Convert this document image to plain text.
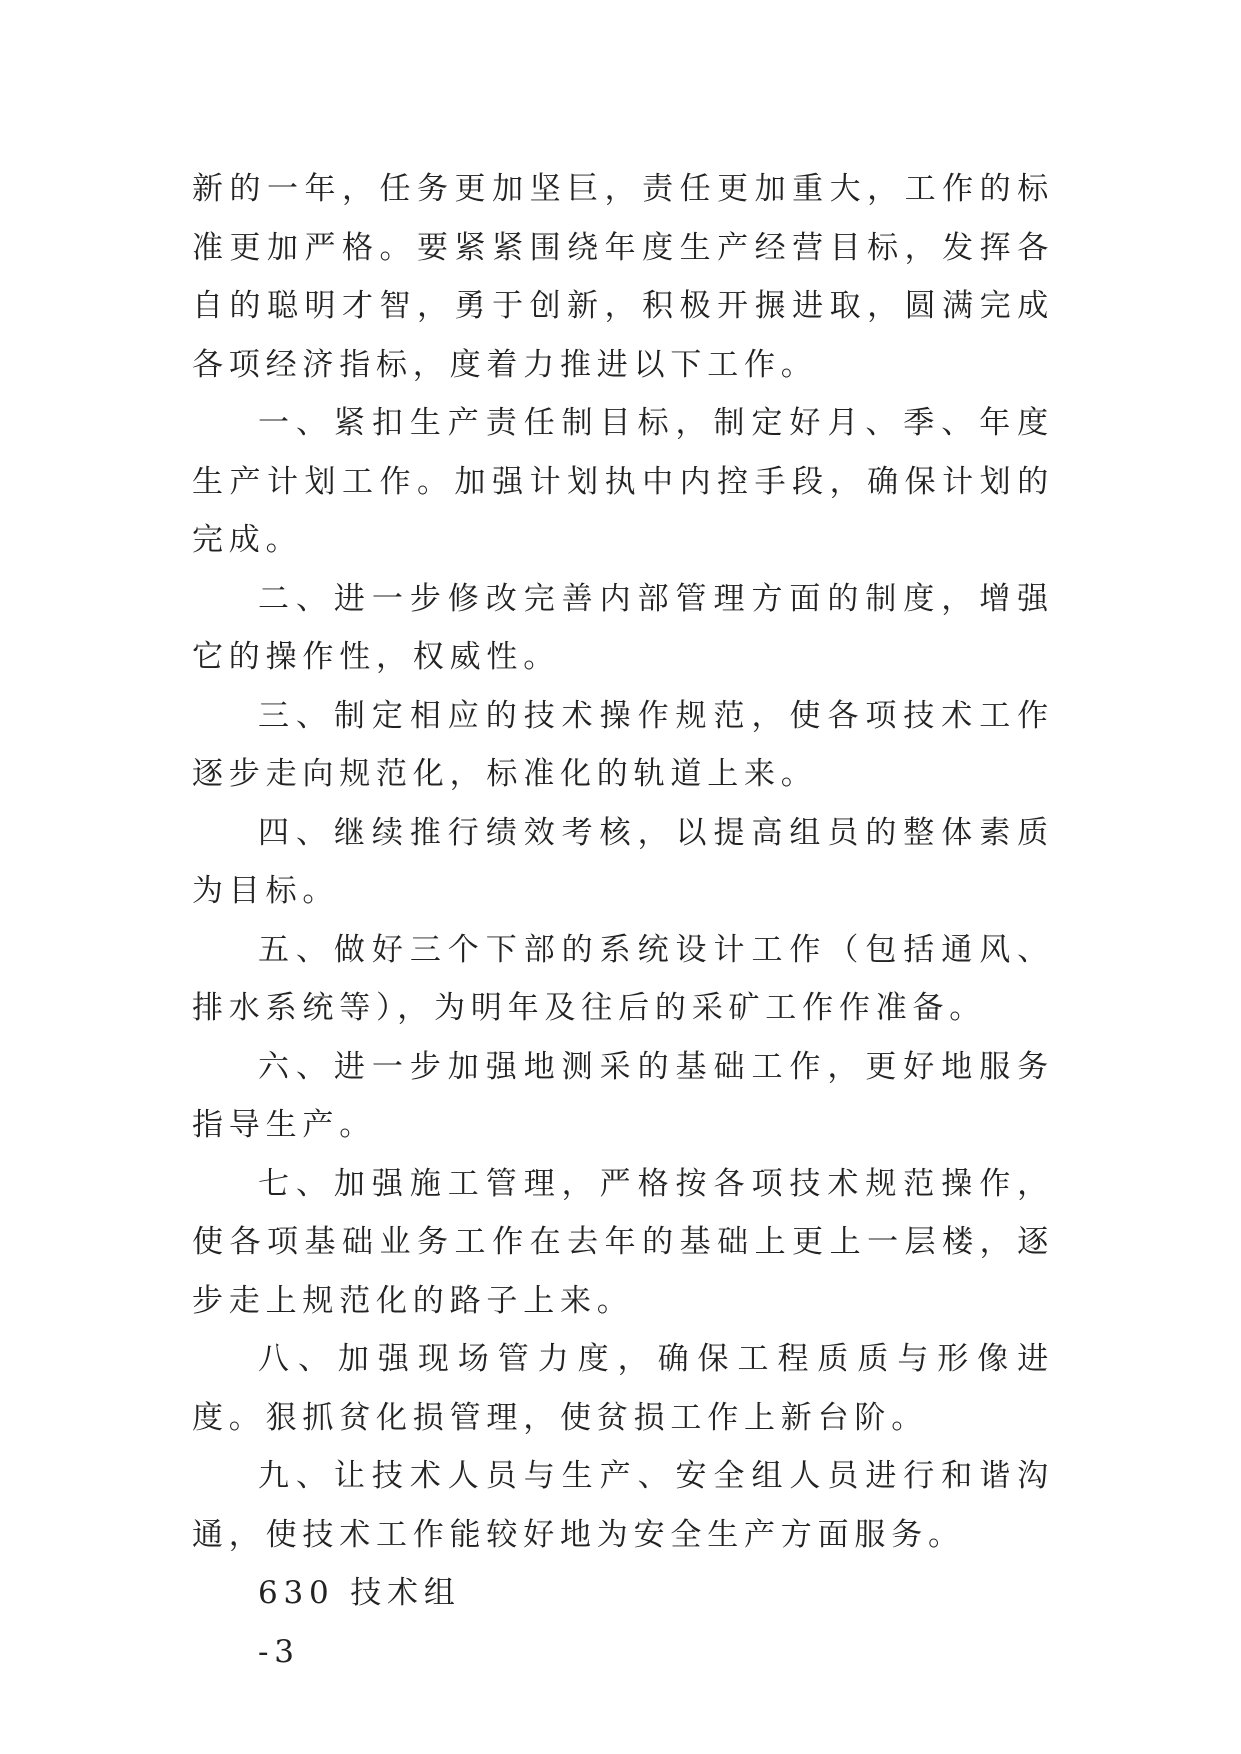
新的一年，任务更加坚巨，责任更加重大，工作的标准更加严格。要紧紧围绕年度生产经营目标，发挥各自的聪明才智，勇于创新，积极开搌进取，圆满完成各项经济指标，度着力推进以下工作。

一、紧扣生产责任制目标，制定好月、季、年度生产计划工作。加强计划执中内控手段，确保计划的完成。

二、进一步修改完善内部管理方面的制度，增强它的操作性，权威性。

三、制定相应的技术操作规范，使各项技术工作逐步走向规范化，标准化的轨道上来。

四、继续推行绩效考核，以提高组员的整体素质为目标。

五、做好三个下部的系统设计工作（包括通风、排水系统等），为明年及往后的采矿工作作准备。

六、进一步加强地测采的基础工作，更好地服务指导生产。

七、加强施工管理，严格按各项技术规范操作，使各项基础业务工作在去年的基础上更上一层楼，逐步走上规范化的路子上来。

八、加强现场管力度，确保工程质质与形像进度。狠抓贫化损管理，使贫损工作上新台阶。

九、让技术人员与生产、安全组人员进行和谐沟通，使技术工作能较好地为安全生产方面服务。

630 技术组

-3
